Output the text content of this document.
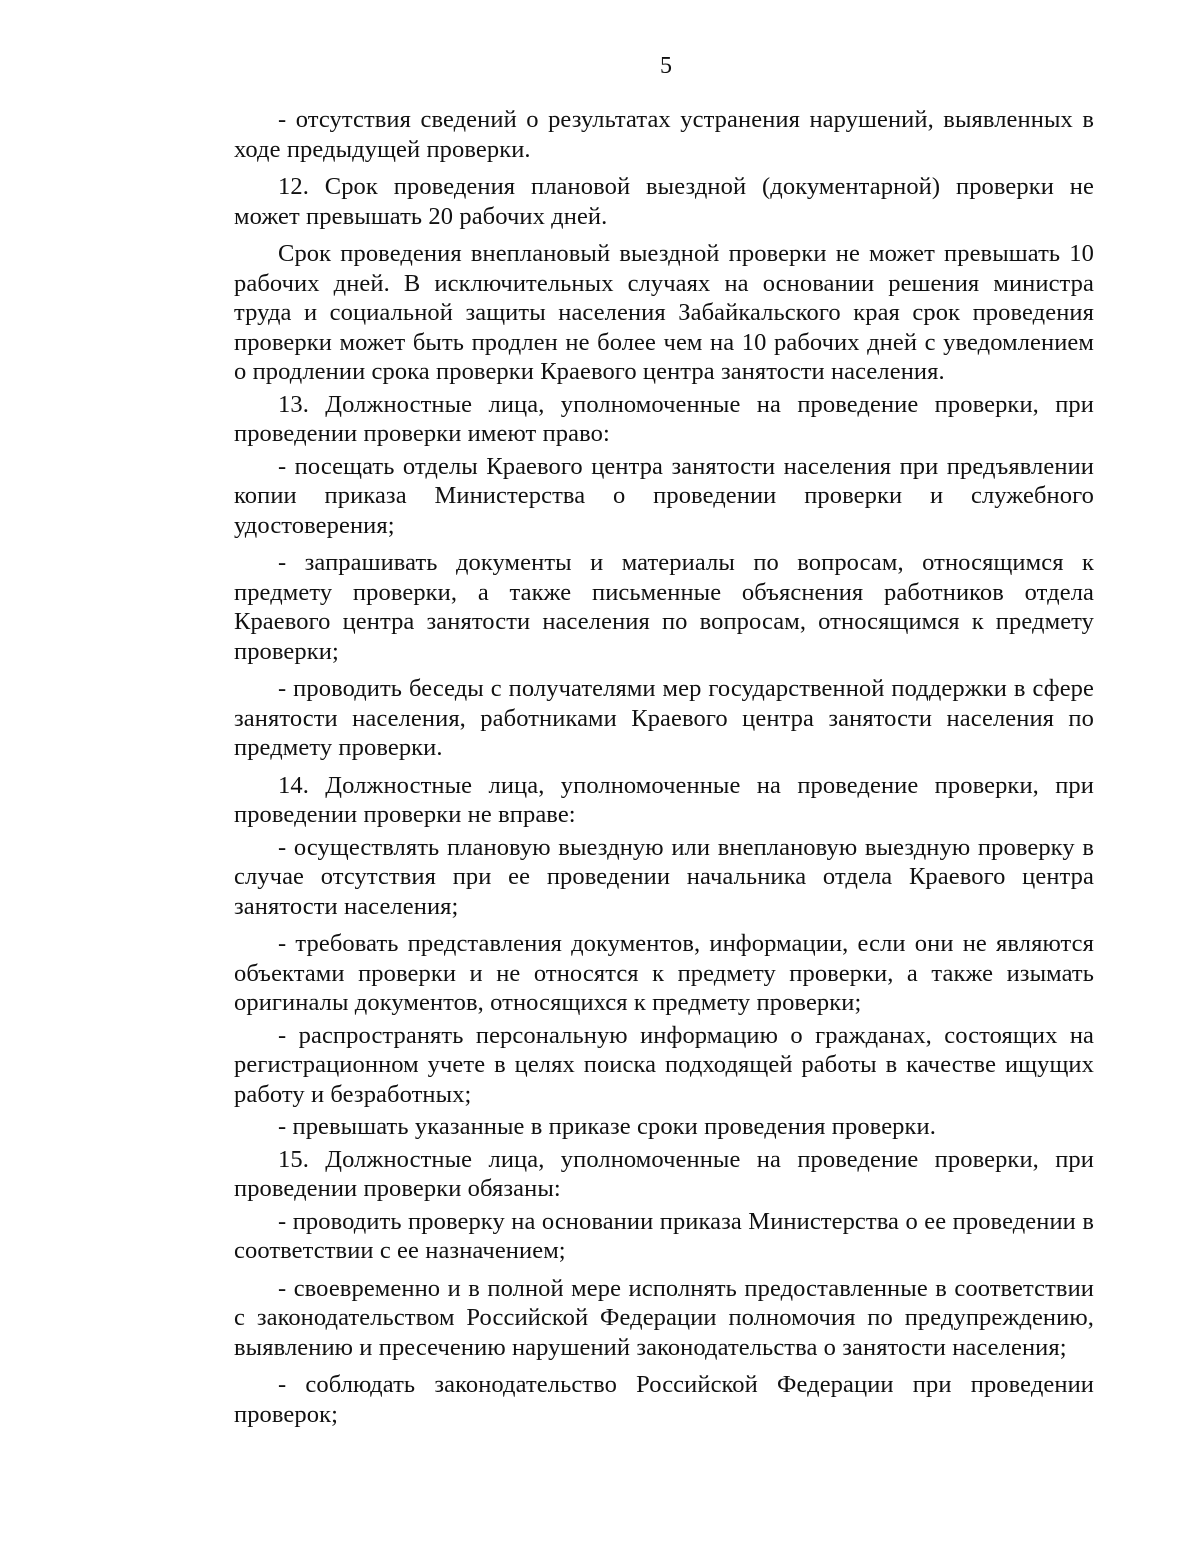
5

- отсутствия сведений о результатах устранения нарушений, выявленных в ходе предыдущей проверки.

12. Срок проведения плановой выездной (документарной) проверки не может превышать 20 рабочих дней.

Срок проведения внеплановый выездной проверки не может превышать 10 рабочих дней. В исключительных случаях на основании решения министра труда и социальной защиты населения Забайкальского края срок проведения проверки может быть продлен не более чем на 10 рабочих дней с уведомлением о продлении срока проверки Краевого центра занятости населения.

13. Должностные лица, уполномоченные на проведение проверки, при проведении проверки имеют право:

- посещать отделы Краевого центра занятости населения при предъявлении копии приказа Министерства о проведении проверки и служебного удостоверения;

- запрашивать документы и материалы по вопросам, относящимся к предмету проверки, а также письменные объяснения работников отдела Краевого центра занятости населения по вопросам, относящимся к предмету проверки;

- проводить беседы с получателями мер государственной поддержки в сфере занятости населения, работниками Краевого центра занятости населения по предмету проверки.

14. Должностные лица, уполномоченные на проведение проверки, при проведении проверки не вправе:

- осуществлять плановую выездную или внеплановую выездную проверку в случае отсутствия при ее проведении начальника отдела Краевого центра занятости населения;

- требовать представления документов, информации, если они не являются объектами проверки и не относятся к предмету проверки, а также изымать оригиналы документов, относящихся к предмету проверки;

- распространять персональную информацию о гражданах, состоящих на регистрационном учете в целях поиска подходящей работы в качестве ищущих работу и безработных;

- превышать указанные в приказе сроки проведения проверки.

15. Должностные лица, уполномоченные на проведение проверки, при проведении проверки обязаны:

- проводить проверку на основании приказа Министерства о ее проведении в соответствии с ее назначением;

- своевременно и в полной мере исполнять предоставленные в соответствии с законодательством Российской Федерации полномочия по предупреждению, выявлению и пресечению нарушений законодательства о занятости населения;

- соблюдать законодательство Российской Федерации при проведении проверок;
